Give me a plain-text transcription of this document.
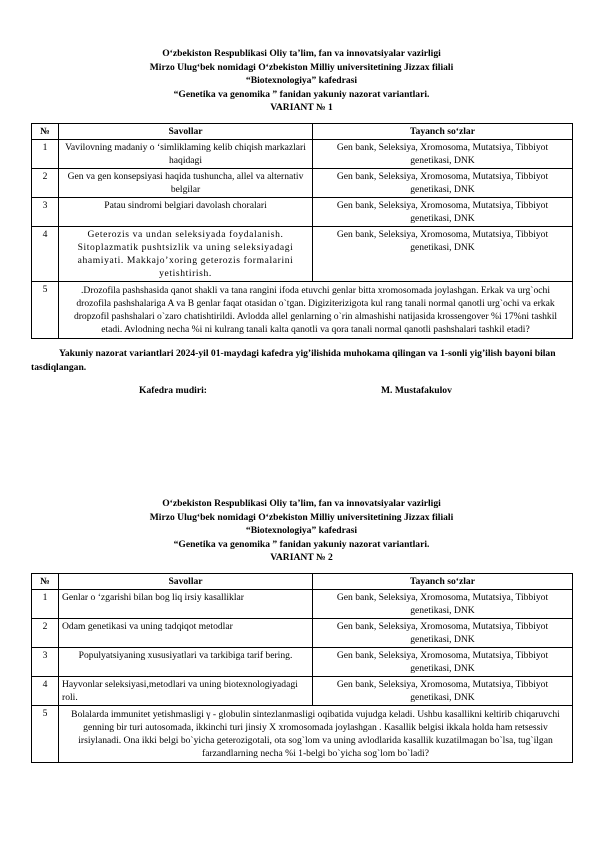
O‘zbekiston Respublikasi Oliy ta’lim, fan va innovatsiyalar vazirligi
Mirzo Ulug‘bek nomidagi O‘zbekiston Milliy universitetining Jizzax filiali
“Biotexnologiya” kafedrasi
“Genetika va genomika ” fanidan yakuniy nazorat variantlari.
VARIANT № 1
№	Savollar	Tayanch so‘zlar
1	Vavilovning madaniy o ‘simliklaming kelib chiqish markazlari haqidagi	Gen bank, Seleksiya, Xromosoma, Mutatsiya, Tibbiyot genetikasi, DNK
2	Gen va gen konsepsiyasi haqida tushuncha, allel va alternativ belgilar	Gen bank, Seleksiya, Xromosoma, Mutatsiya, Tibbiyot genetikasi, DNK
3	Patau sindromi belgiari davolash choralari	Gen bank, Seleksiya, Xromosoma, Mutatsiya, Tibbiyot genetikasi, DNK
4	Geterozis va undan seleksiyada foydalanish. Sitoplazmatik pushtsizlik va uning seleksiyadagi ahamiyati. Makkajo’xoring geterozis formalarini yetishtirish.	Gen bank, Seleksiya, Xromosoma, Mutatsiya, Tibbiyot genetikasi, DNK
5	.Drozofila pashshasida qanot shakli va tana rangini ifoda etuvchi genlar bitta xromosomada joylashgan. Erkak va urg`ochi drozofila pashshalariga A va B genlar faqat otasidan o`tgan. Digiziterizigota kul rang tanali normal qanotli urg`ochi va erkak dropzofil pashshalari o`zaro chatishtirildi. Avlodda allel genlarning o`rin almashishi natijasida krossengover %i 17%ni tashkil etadi. Avlodning necha %i ni kulrang tanali kalta qanotli va qora tanali normal qanotli pashshalari tashkil etadi?	
Yakuniy nazorat variantlari 2024-yil 01-maydagi kafedra yig’ilishida muhokama qilingan va 1-sonli yig’ilish bayoni bilan tasdiqlangan.
Kafedra mudiri:	M. Mustafakulov
O‘zbekiston Respublikasi Oliy ta’lim, fan va innovatsiyalar vazirligi
Mirzo Ulug‘bek nomidagi O‘zbekiston Milliy universitetining Jizzax filiali
“Biotexnologiya” kafedrasi
“Genetika va genomika ” fanidan yakuniy nazorat variantlari.
VARIANT № 2
№	Savollar	Tayanch so‘zlar
1	Genlar o ‘zgarishi bilan bog liq irsiy kasalliklar	Gen bank, Seleksiya, Xromosoma, Mutatsiya, Tibbiyot genetikasi, DNK
2	Odam genetikasi va uning tadqiqot metodlar	Gen bank, Seleksiya, Xromosoma, Mutatsiya, Tibbiyot genetikasi, DNK
3	Populyatsiyaning xususiyatlari va tarkibiga tarif bering.	Gen bank, Seleksiya, Xromosoma, Mutatsiya, Tibbiyot genetikasi, DNK
4	Hayvonlar seleksiyasi,metodlari va uning biotexnologiyadagi roli.	Gen bank, Seleksiya, Xromosoma, Mutatsiya, Tibbiyot genetikasi, DNK
5	Bolalarda immunitet yetishmasligi γ - globulin sintezlanmasligi oqibatida vujudga keladi. Ushbu kasallikni keltirib chiqaruvchi genning bir turi autosomada, ikkinchi turi jinsiy X xromosomada joylashgan . Kasallik belgisi ikkala holda ham retsessiv irsiylanadi. Ona ikki belgi bo`yicha geterozigotali, ota sog`lom va uning avlodlarida kasallik kuzatilmagan bo`lsa, tug`ilgan farzandlarning necha %i 1-belgi bo`yicha sog`lom bo`ladi?	
